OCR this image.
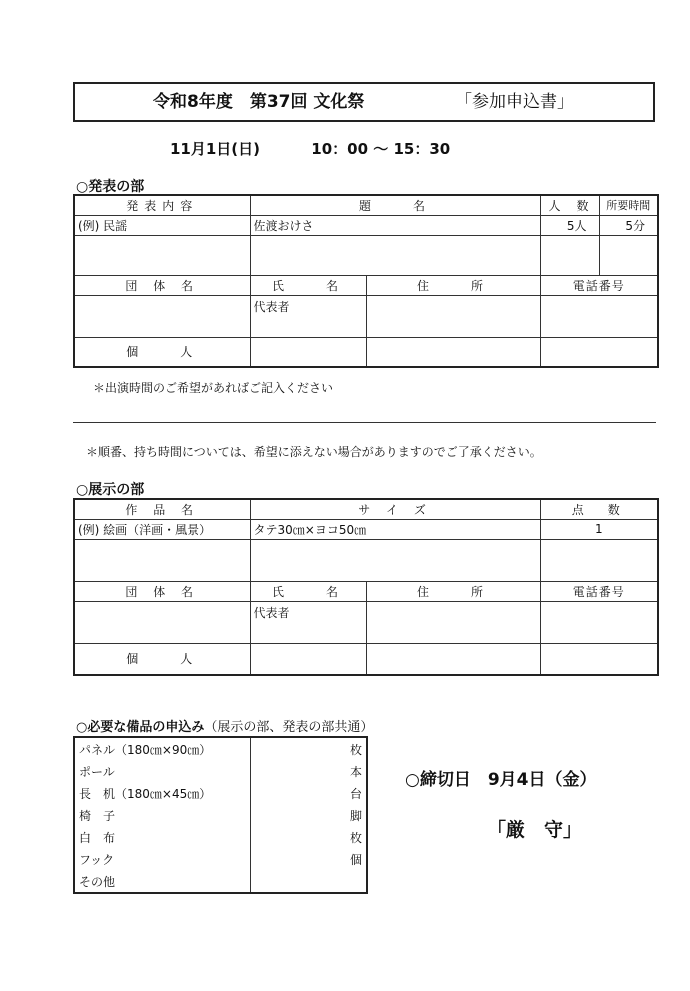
令和8年度　第37回 文化祭	「参加申込書」
11月1日(日)	10：00 ～ 15：30
○発表の部
発表内容	題　　名		人　数	所要時間
(例) 民謡	佐渡おけさ		5人	5分

団 体 名	氏　　名	住　　所	電話番号	
	代表者			
個　　人				
＊出演時間のご希望があればご記入ください
＊順番、持ち時間については、希望に添えない場合がありますのでご了承ください。
○展示の部
作 品 名	サ イ ズ		点　数
(例) 絵画（洋画・風景）	タテ30㎝×ヨコ50㎝		1

団 体 名	氏　　名	住　　所	電話番号
	代表者		
個　　人			
○必要な備品の申込み（展示の部、発表の部共通）
パネル（180㎝×90㎝）	枚
ポール	本
長　机（180㎝×45㎝）	台
椅　子	脚
白　布	枚
フック	個
その他	
○締切日　9月4日（金）
「厳　守」
